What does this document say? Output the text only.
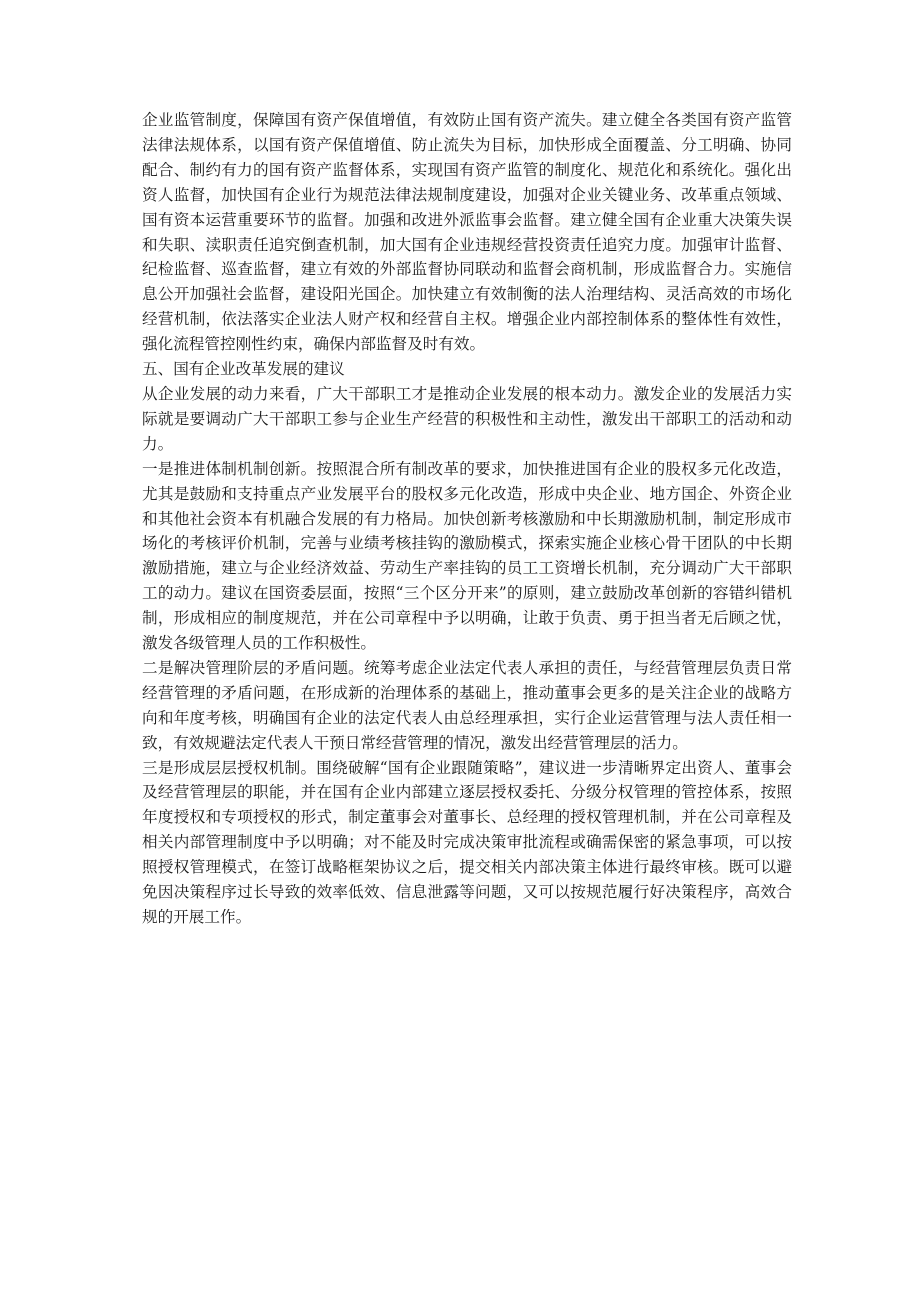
企业监管制度，保障国有资产保值增值，有效防止国有资产流失。建立健全各类国有资产监管法律法规体系，以国有资产保值增值、防止流失为目标，加快形成全面覆盖、分工明确、协同配合、制约有力的国有资产监督体系，实现国有资产监管的制度化、规范化和系统化。强化出资人监督，加快国有企业行为规范法律法规制度建设，加强对企业关键业务、改革重点领域、国有资本运营重要环节的监督。加强和改进外派监事会监督。建立健全国有企业重大决策失误和失职、渎职责任追究倒查机制，加大国有企业违规经营投资责任追究力度。加强审计监督、纪检监督、巡查监督，建立有效的外部监督协同联动和监督会商机制，形成监督合力。实施信息公开加强社会监督，建设阳光国企。加快建立有效制衡的法人治理结构、灵活高效的市场化经营机制，依法落实企业法人财产权和经营自主权。增强企业内部控制体系的整体性有效性，强化流程管控刚性约束，确保内部监督及时有效。

五、国有企业改革发展的建议

从企业发展的动力来看，广大干部职工才是推动企业发展的根本动力。激发企业的发展活力实际就是要调动广大干部职工参与企业生产经营的积极性和主动性，激发出干部职工的活动和动力。

一是推进体制机制创新。按照混合所有制改革的要求，加快推进国有企业的股权多元化改造，尤其是鼓励和支持重点产业发展平台的股权多元化改造，形成中央企业、地方国企、外资企业和其他社会资本有机融合发展的有力格局。加快创新考核激励和中长期激励机制，制定形成市场化的考核评价机制，完善与业绩考核挂钩的激励模式，探索实施企业核心骨干团队的中长期激励措施，建立与企业经济效益、劳动生产率挂钩的员工工资增长机制，充分调动广大干部职工的动力。建议在国资委层面，按照“三个区分开来”的原则，建立鼓励改革创新的容错纠错机制，形成相应的制度规范，并在公司章程中予以明确，让敢于负责、勇于担当者无后顾之忧，激发各级管理人员的工作积极性。

二是解决管理阶层的矛盾问题。统筹考虑企业法定代表人承担的责任，与经营管理层负责日常经营管理的矛盾问题，在形成新的治理体系的基础上，推动董事会更多的是关注企业的战略方向和年度考核，明确国有企业的法定代表人由总经理承担，实行企业运营管理与法人责任相一致，有效规避法定代表人干预日常经营管理的情况，激发出经营管理层的活力。

三是形成层层授权机制。围绕破解“国有企业跟随策略”，建议进一步清晰界定出资人、董事会及经营管理层的职能，并在国有企业内部建立逐层授权委托、分级分权管理的管控体系，按照年度授权和专项授权的形式，制定董事会对董事长、总经理的授权管理机制，并在公司章程及相关内部管理制度中予以明确；对不能及时完成决策审批流程或确需保密的紧急事项，可以按照授权管理模式，在签订战略框架协议之后，提交相关内部决策主体进行最终审核。既可以避免因决策程序过长导致的效率低效、信息泄露等问题，又可以按规范履行好决策程序，高效合规的开展工作。
